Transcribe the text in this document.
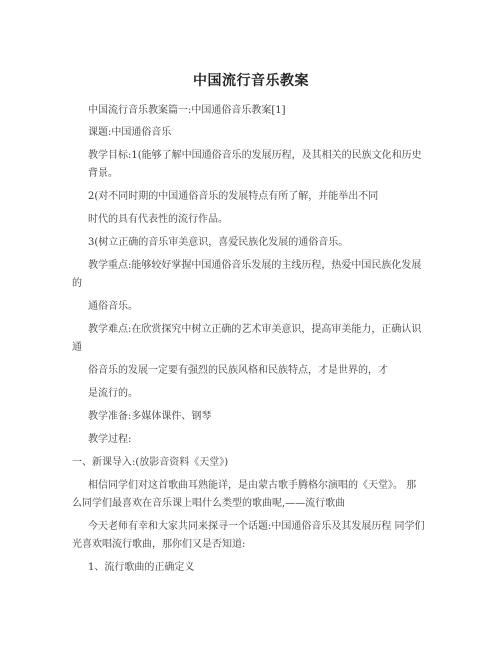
中国流行音乐教案
中国流行音乐教案篇一:中国通俗音乐教案[1]
课题:中国通俗音乐
教学目标:1(能够了解中国通俗音乐的发展历程，及其相关的民族文化和历史
背景。
2(对不同时期的中国通俗音乐的发展特点有所了解，并能举出不同
时代的具有代表性的流行作品。
3(树立正确的音乐审美意识，喜爱民族化发展的通俗音乐。
教学重点:能够较好掌握中国通俗音乐发展的主线历程，热爱中国民族化发展
的
通俗音乐。
教学难点:在欣赏探究中树立正确的艺术审美意识，提高审美能力，正确认识
通
俗音乐的发展一定要有强烈的民族风格和民族特点，才是世界的，才
是流行的。
教学准备:多媒体课件、钢琴
教学过程:
一、新课导入:(放影音资料《天堂》)
相信同学们对这首歌曲耳熟能详，是由蒙古歌手腾格尔演唱的《天堂》。 那
么同学们最喜欢在音乐课上唱什么类型的歌曲呢,——流行歌曲
今天老师有幸和大家共同来探寻一个话题:中国通俗音乐及其发展历程 同学们
光喜欢唱流行歌曲，那你们又是否知道:
1、流行歌曲的正确定义
